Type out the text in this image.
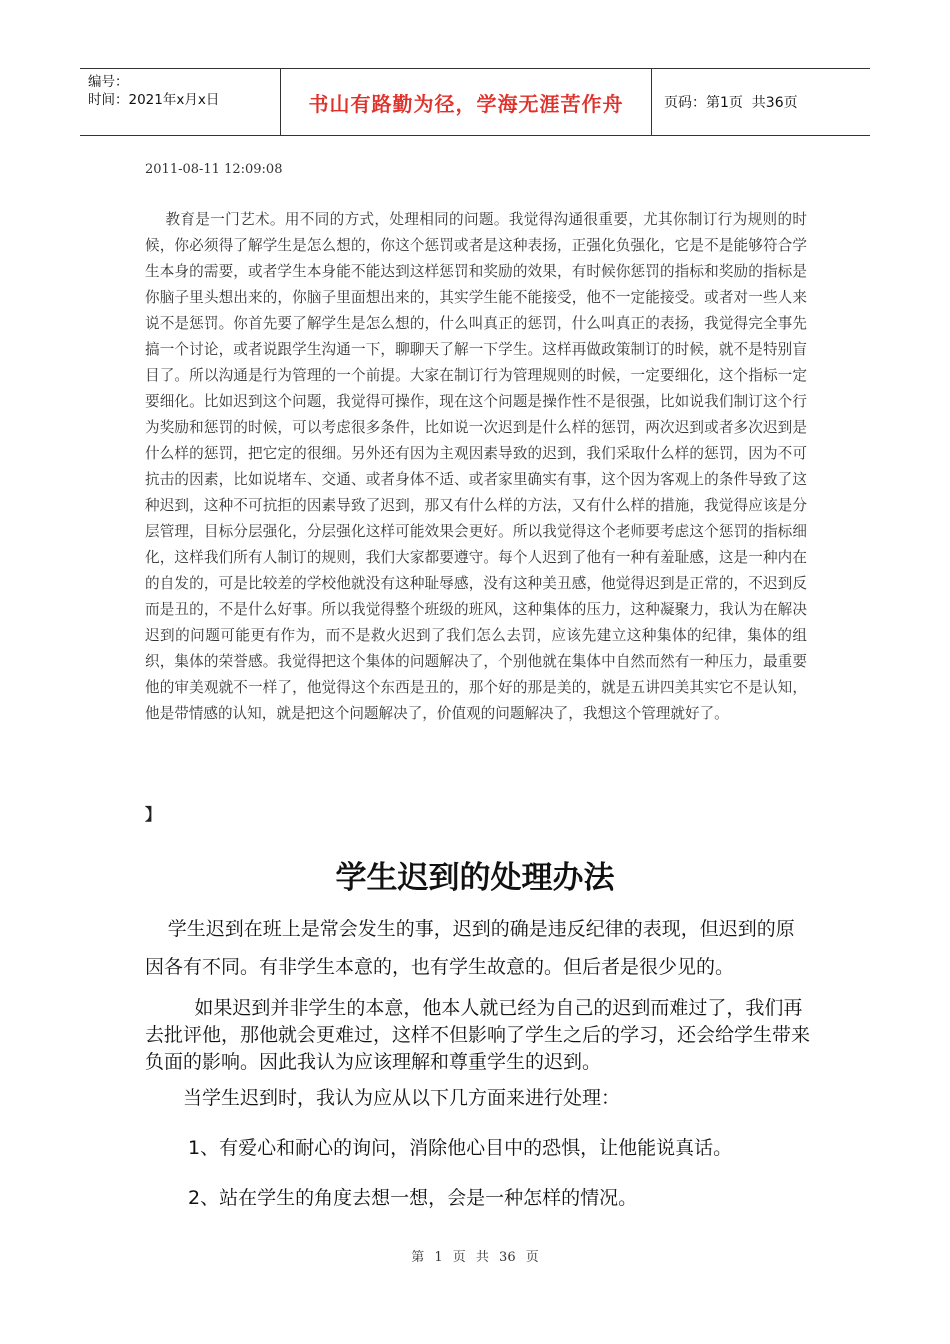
编号：
时间：2021年x月x日	书山有路勤为径，学海无涯苦作舟	页码：第1页  共36页
2011-08-11 12:09:08

教育是一门艺术。用不同的方式，处理相同的问题。我觉得沟通很重要，尤其你制订行为规则的时候，你必须得了解学生是怎么想的，你这个惩罚或者是这种表扬，正强化负强化，它是不是能够符合学生本身的需要，或者学生本身能不能达到这样惩罚和奖励的效果，有时候你惩罚的指标和奖励的指标是你脑子里头想出来的，你脑子里面想出来的，其实学生能不能接受，他不一定能接受。或者对一些人来说不是惩罚。你首先要了解学生是怎么想的，什么叫真正的惩罚，什么叫真正的表扬，我觉得完全事先搞一个讨论，或者说跟学生沟通一下，聊聊天了解一下学生。这样再做政策制订的时候，就不是特别盲目了。所以沟通是行为管理的一个前提。大家在制订行为管理规则的时候，一定要细化，这个指标一定要细化。比如迟到这个问题，我觉得可操作，现在这个问题是操作性不是很强，比如说我们制订这个行为奖励和惩罚的时候，可以考虑很多条件，比如说一次迟到是什么样的惩罚，两次迟到或者多次迟到是什么样的惩罚，把它定的很细。另外还有因为主观因素导致的迟到，我们采取什么样的惩罚，因为不可抗击的因素，比如说堵车、交通、或者身体不适、或者家里确实有事，这个因为客观上的条件导致了这种迟到，这种不可抗拒的因素导致了迟到，那又有什么样的方法，又有什么样的措施，我觉得应该是分层管理，目标分层强化，分层强化这样可能效果会更好。所以我觉得这个老师要考虑这个惩罚的指标细化，这样我们所有人制订的规则，我们大家都要遵守。每个人迟到了他有一种有羞耻感，这是一种内在的自发的，可是比较差的学校他就没有这种耻辱感，没有这种美丑感，他觉得迟到是正常的，不迟到反而是丑的，不是什么好事。所以我觉得整个班级的班风，这种集体的压力，这种凝聚力，我认为在解决迟到的问题可能更有作为，而不是救火迟到了我们怎么去罚，应该先建立这种集体的纪律，集体的组织，集体的荣誉感。我觉得把这个集体的问题解决了，个别他就在集体中自然而然有一种压力，最重要他的审美观就不一样了，他觉得这个东西是丑的，那个好的那是美的，就是五讲四美其实它不是认知，他是带情感的认知，就是把这个问题解决了，价值观的问题解决了，我想这个管理就好了。

】
学生迟到的处理办法

学生迟到在班上是常会发生的事，迟到的确是违反纪律的表现，但迟到的原因各有不同。有非学生本意的，也有学生故意的。但后者是很少见的。

如果迟到并非学生的本意，他本人就已经为自己的迟到而难过了，我们再去批评他，那他就会更难过，这样不但影响了学生之后的学习，还会给学生带来负面的影响。因此我认为应该理解和尊重学生的迟到。

当学生迟到时，我认为应从以下几方面来进行处理：

1、有爱心和耐心的询问，消除他心目中的恐惧，让他能说真话。

2、站在学生的角度去想一想，会是一种怎样的情况。

第 1 页 共 36 页
